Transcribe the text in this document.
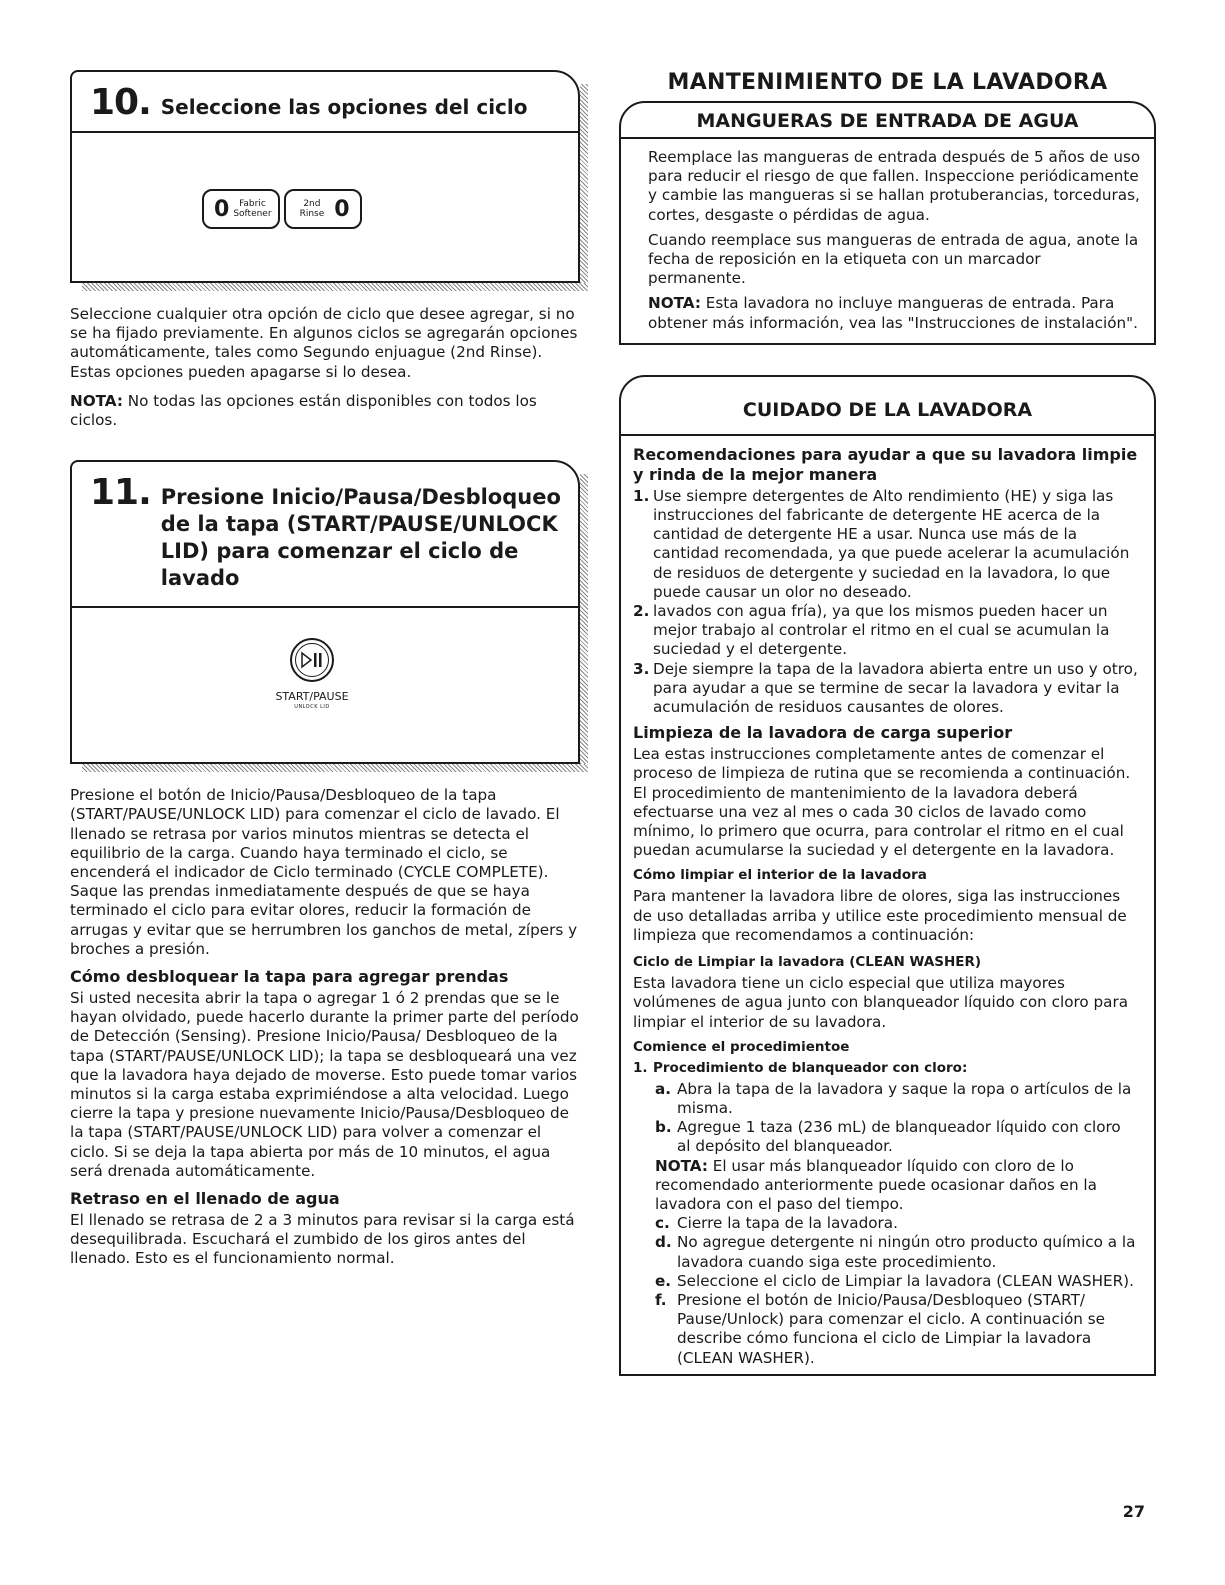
10. Seleccione las opciones del ciclo
0	Fabric
Softener
2nd
Rinse 0

Seleccione cualquier otra opción de ciclo que desee agregar, si no se ha fijado previamente. En algunos ciclos se agregarán opciones automáticamente, tales como Segundo enjuague (2nd Rinse). Estas opciones pueden apagarse si lo desea.

NOTA: No todas las opciones están disponibles con todos los ciclos.

11. Presione Inicio/Pausa/Desbloqueo de la tapa (START/PAUSE/UNLOCK LID) para comenzar el ciclo de lavado
START/PAUSE
UNLOCK LID

Presione el botón de Inicio/Pausa/Desbloqueo de la tapa (START/PAUSE/UNLOCK LID) para comenzar el ciclo de lavado. El llenado se retrasa por varios minutos mientras se detecta el equilibrio de la carga. Cuando haya terminado el ciclo, se encenderá el indicador de Ciclo terminado (CYCLE COMPLETE). Saque las prendas inmediatamente después de que se haya terminado el ciclo para evitar olores, reducir la formación de arrugas y evitar que se herrumbren los ganchos de metal, zípers y broches a presión.

Cómo desbloquear la tapa para agregar prendas

Si usted necesita abrir la tapa o agregar 1 ó 2 prendas que se le hayan olvidado, puede hacerlo durante la primer parte del período de Detección (Sensing). Presione Inicio/Pausa/ Desbloqueo de la tapa (START/PAUSE/UNLOCK LID); la tapa se desbloqueará una vez que la lavadora haya dejado de moverse. Esto puede tomar varios minutos si la carga estaba exprimiéndose a alta velocidad. Luego cierre la tapa y presione nuevamente Inicio/Pausa/Desbloqueo de la tapa (START/PAUSE/UNLOCK LID) para volver a comenzar el ciclo. Si se deja la tapa abierta por más de 10 minutos, el agua será drenada automáticamente.

Retraso en el llenado de agua

El llenado se retrasa de 2 a 3 minutos para revisar si la carga está desequilibrada. Escuchará el zumbido de los giros antes del llenado. Esto es el funcionamiento normal.

MANTENIMIENTO DE LA LAVADORA
MANGUERAS DE ENTRADA DE AGUA

Reemplace las mangueras de entrada después de 5 años de uso para reducir el riesgo de que fallen. Inspeccione periódicamente y cambie las mangueras si se hallan protuberancias, torceduras, cortes, desgaste o pérdidas de agua.

Cuando reemplace sus mangueras de entrada de agua, anote la fecha de reposición en la etiqueta con un marcador permanente.

NOTA: Esta lavadora no incluye mangueras de entrada. Para obtener más información, vea las "Instrucciones de instalación".

CUIDADO DE LA LAVADORA
Recomendaciones para ayudar a que su lavadora limpie y rinda de la mejor manera
1. Use siempre detergentes de Alto rendimiento (HE) y siga las instrucciones del fabricante de detergente HE acerca de la cantidad de detergente HE a usar. Nunca use más de la cantidad recomendada, ya que puede acelerar la acumulación de residuos de detergente y suciedad en la lavadora, lo que puede causar un olor no deseado.
2. lavados con agua fría), ya que los mismos pueden hacer un mejor trabajo al controlar el ritmo en el cual se acumulan la suciedad y el detergente.
3. Deje siempre la tapa de la lavadora abierta entre un uso y otro, para ayudar a que se termine de secar la lavadora y evitar la acumulación de residuos causantes de olores.
Limpieza de la lavadora de carga superior

Lea estas instrucciones completamente antes de comenzar el proceso de limpieza de rutina que se recomienda a continuación. El procedimiento de mantenimiento de la lavadora deberá efectuarse una vez al mes o cada 30 ciclos de lavado como mínimo, lo primero que ocurra, para controlar el ritmo en el cual puedan acumularse la suciedad y el detergente en la lavadora.

Cómo limpiar el interior de la lavadora

Para mantener la lavadora libre de olores, siga las instrucciones de uso detalladas arriba y utilice este procedimiento mensual de limpieza que recomendamos a continuación:

Ciclo de Limpiar la lavadora (CLEAN WASHER)

Esta lavadora tiene un ciclo especial que utiliza mayores volúmenes de agua junto con blanqueador líquido con cloro para limpiar el interior de su lavadora.

Comience el procedimientoe
1. Procedimiento de blanqueador con cloro:
a. Abra la tapa de la lavadora y saque la ropa o artículos de la misma.
b. Agregue 1 taza (236 mL) de blanqueador líquido con cloro al depósito del blanqueador.

NOTA: El usar más blanqueador líquido con cloro de lo recomendado anteriormente puede ocasionar daños en la lavadora con el paso del tiempo.

c. Cierre la tapa de la lavadora.
d. No agregue detergente ni ningún otro producto químico a la lavadora cuando siga este procedimiento.
e. Seleccione el ciclo de Limpiar la lavadora (CLEAN WASHER).
f. Presione el botón de Inicio/Pausa/Desbloqueo (START/ Pause/Unlock) para comenzar el ciclo. A continuación se describe cómo funciona el ciclo de Limpiar la lavadora (CLEAN WASHER).
27
